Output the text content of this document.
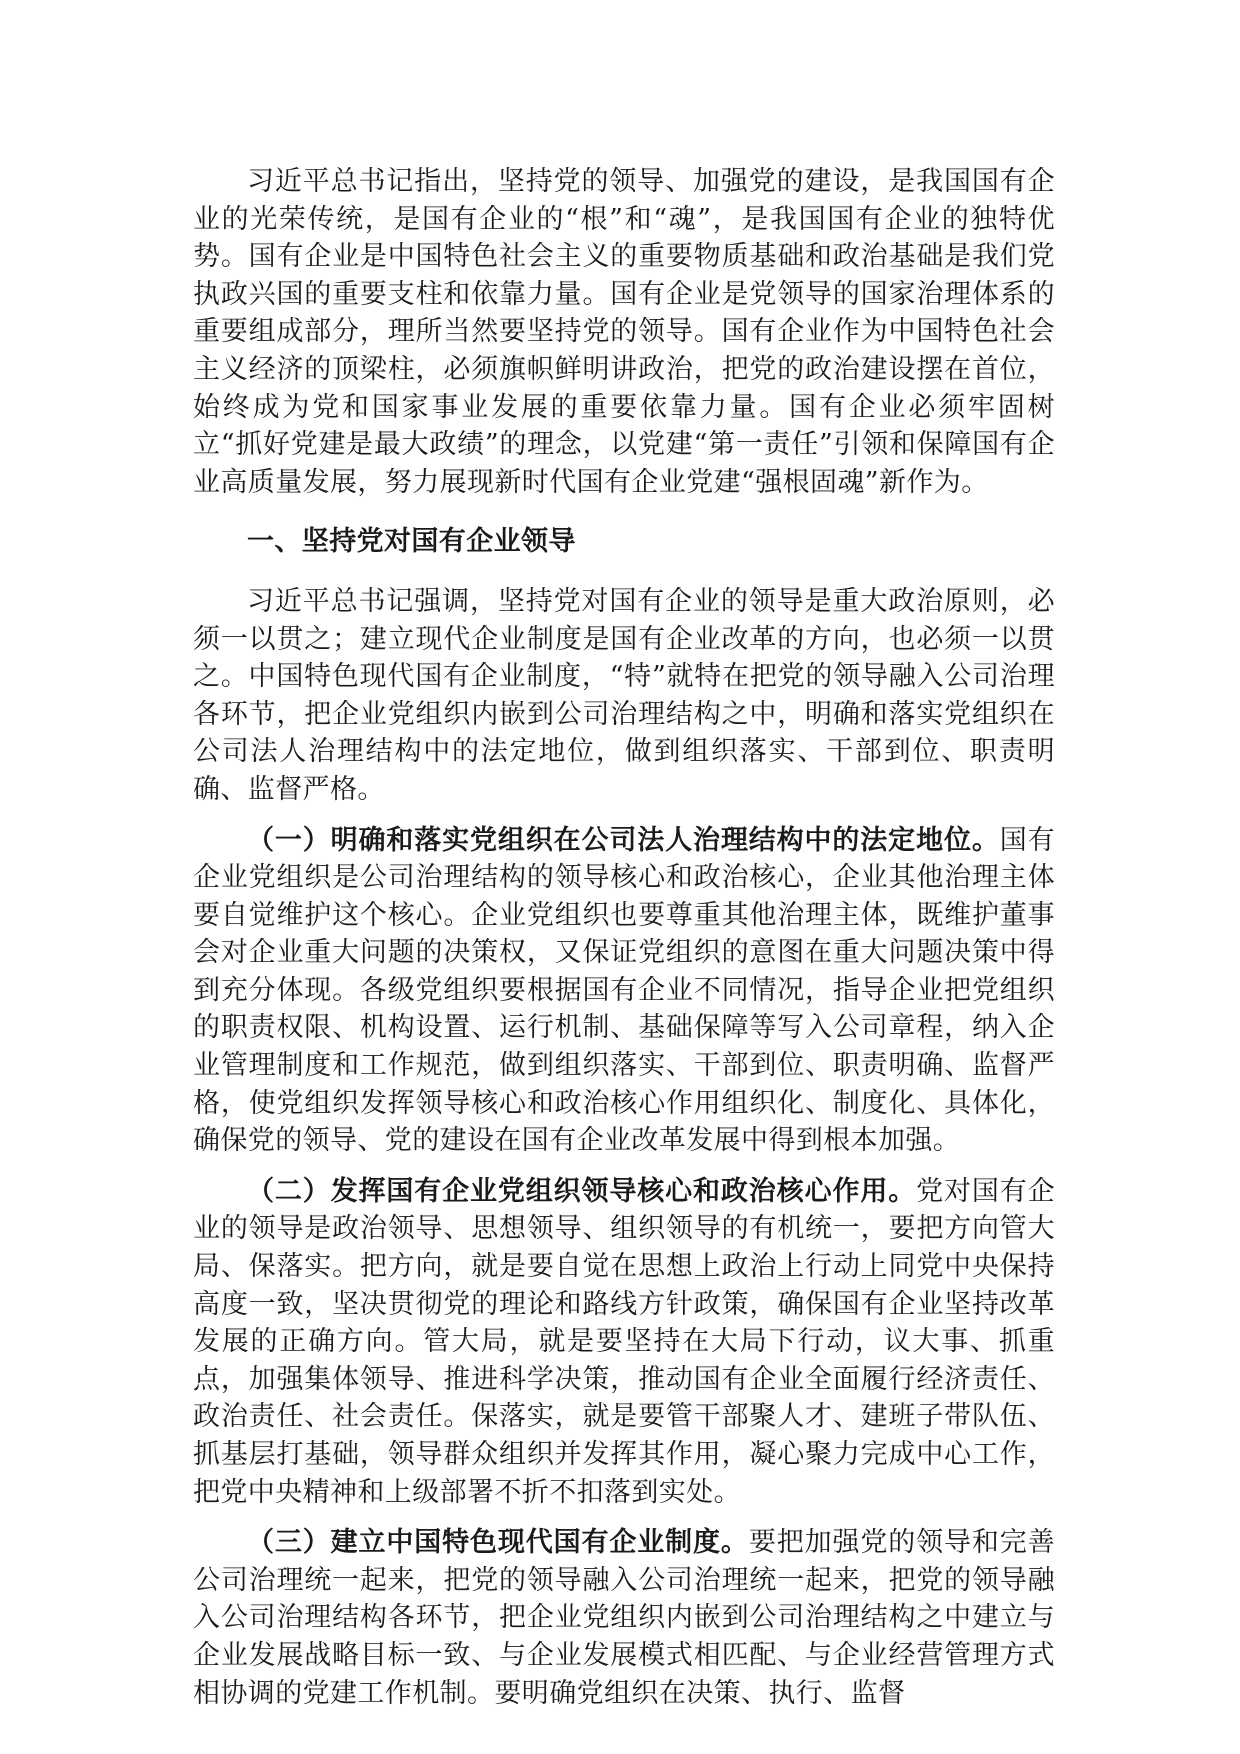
习近平总书记指出，坚持党的领导、加强党的建设，是我国国有企业的光荣传统，是国有企业的“根”和“魂”，是我国国有企业的独特优势。国有企业是中国特色社会主义的重要物质基础和政治基础是我们党执政兴国的重要支柱和依靠力量。国有企业是党领导的国家治理体系的重要组成部分，理所当然要坚持党的领导。国有企业作为中国特色社会主义经济的顶梁柱，必须旗帜鲜明讲政治，把党的政治建设摆在首位，始终成为党和国家事业发展的重要依靠力量。国有企业必须牢固树立“抓好党建是最大政绩”的理念，以党建“第一责任”引领和保障国有企业高质量发展，努力展现新时代国有企业党建“强根固魂”新作为。

一、坚持党对国有企业领导

习近平总书记强调，坚持党对国有企业的领导是重大政治原则，必须一以贯之；建立现代企业制度是国有企业改革的方向，也必须一以贯之。中国特色现代国有企业制度，“特”就特在把党的领导融入公司治理各环节，把企业党组织内嵌到公司治理结构之中，明确和落实党组织在公司法人治理结构中的法定地位，做到组织落实、干部到位、职责明确、监督严格。

（一）明确和落实党组织在公司法人治理结构中的法定地位。国有企业党组织是公司治理结构的领导核心和政治核心，企业其他治理主体要自觉维护这个核心。企业党组织也要尊重其他治理主体，既维护董事会对企业重大问题的决策权，又保证党组织的意图在重大问题决策中得到充分体现。各级党组织要根据国有企业不同情况，指导企业把党组织的职责权限、机构设置、运行机制、基础保障等写入公司章程，纳入企业管理制度和工作规范，做到组织落实、干部到位、职责明确、监督严格，使党组织发挥领导核心和政治核心作用组织化、制度化、具体化，确保党的领导、党的建设在国有企业改革发展中得到根本加强。

（二）发挥国有企业党组织领导核心和政治核心作用。党对国有企业的领导是政治领导、思想领导、组织领导的有机统一，要把方向管大局、保落实。把方向，就是要自觉在思想上政治上行动上同党中央保持高度一致，坚决贯彻党的理论和路线方针政策，确保国有企业坚持改革发展的正确方向。管大局，就是要坚持在大局下行动，议大事、抓重点，加强集体领导、推进科学决策，推动国有企业全面履行经济责任、政治责任、社会责任。保落实，就是要管干部聚人才、建班子带队伍、抓基层打基础，领导群众组织并发挥其作用，凝心聚力完成中心工作，把党中央精神和上级部署不折不扣落到实处。

（三）建立中国特色现代国有企业制度。要把加强党的领导和完善公司治理统一起来，把党的领导融入公司治理统一起来，把党的领导融入公司治理结构各环节，把企业党组织内嵌到公司治理结构之中建立与企业发展战略目标一致、与企业发展模式相匹配、与企业经营管理方式相协调的党建工作机制。要明确党组织在决策、执行、监督
